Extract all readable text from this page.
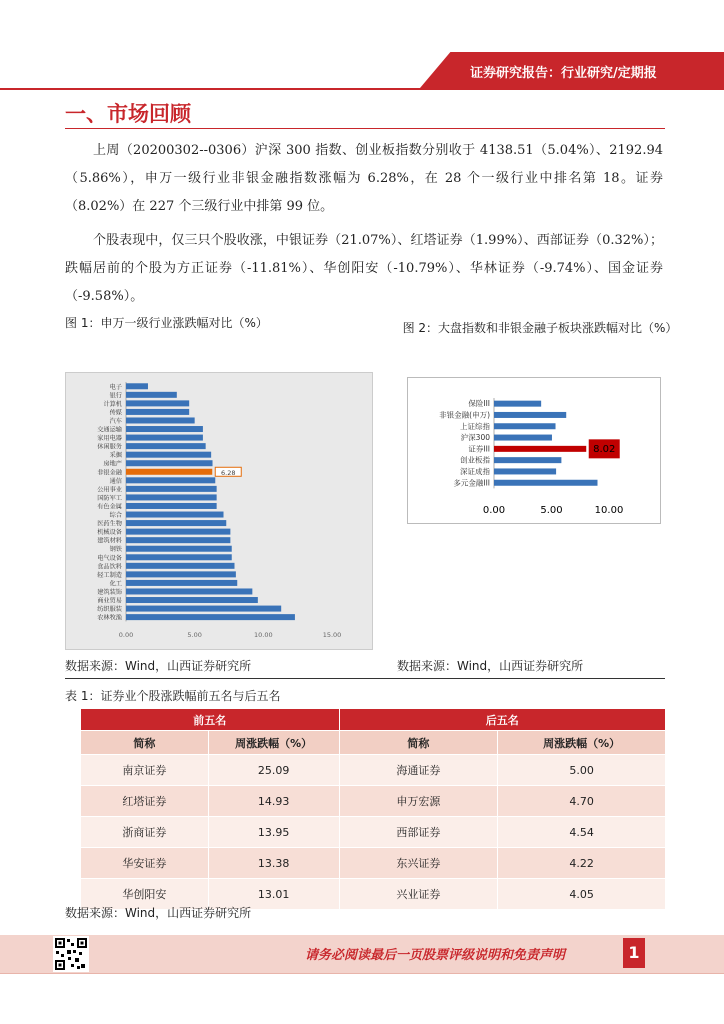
证券研究报告：行业研究/定期报
一、市场回顾
上周（20200302--0306）沪深 300 指数、创业板指数分别收于 4138.51（5.04%）、2192.94（5.86%），申万一级行业非银金融指数涨幅为 6.28%，在 28 个一级行业中排名第 18。证券（8.02%）在 227 个三级行业中排第 99 位。
个股表现中，仅三只个股收涨，中银证券（21.07%）、红塔证券（1.99%）、西部证券（0.32%）；跌幅居前的个股为方正证券（-11.81%）、华创阳安（-10.79%）、华林证券（-9.74%）、国金证券（-9.58%）。
图 1：申万一级行业涨跌幅对比（%）	图 2：大盘指数和非银金融子板块涨跌幅对比（%）
电子
银行
计算机
传媒
汽车
交通运输
家用电器
休闲服务
采掘
房地产
非银金融	6.28
通信
公用事业
国防军工
有色金属
综合
医药生物
机械设备
建筑材料
钢铁
电气设备
食品饮料
轻工制造
化工
建筑装饰
商业贸易
纺织服装
农林牧渔
0.00	5.00	10.00	15.00
保险III
非银金融(申万)
上证综指
沪深300
证券III	8.02
创业板指
深证成指
多元金融III
0.00	5.00	10.00
数据来源：Wind，山西证券研究所	数据来源：Wind，山西证券研究所
表 1：证券业个股涨跌幅前五名与后五名
前五名		后五名	
简称	周涨跌幅（%）	简称	周涨跌幅（%）
南京证券	25.09	海通证券	5.00
红塔证券	14.93	申万宏源	4.70
浙商证券	13.95	西部证券	4.54
华安证券	13.38	东兴证券	4.22
华创阳安	13.01	兴业证券	4.05
数据来源：Wind，山西证券研究所
请务必阅读最后一页股票评级说明和免责声明	1
